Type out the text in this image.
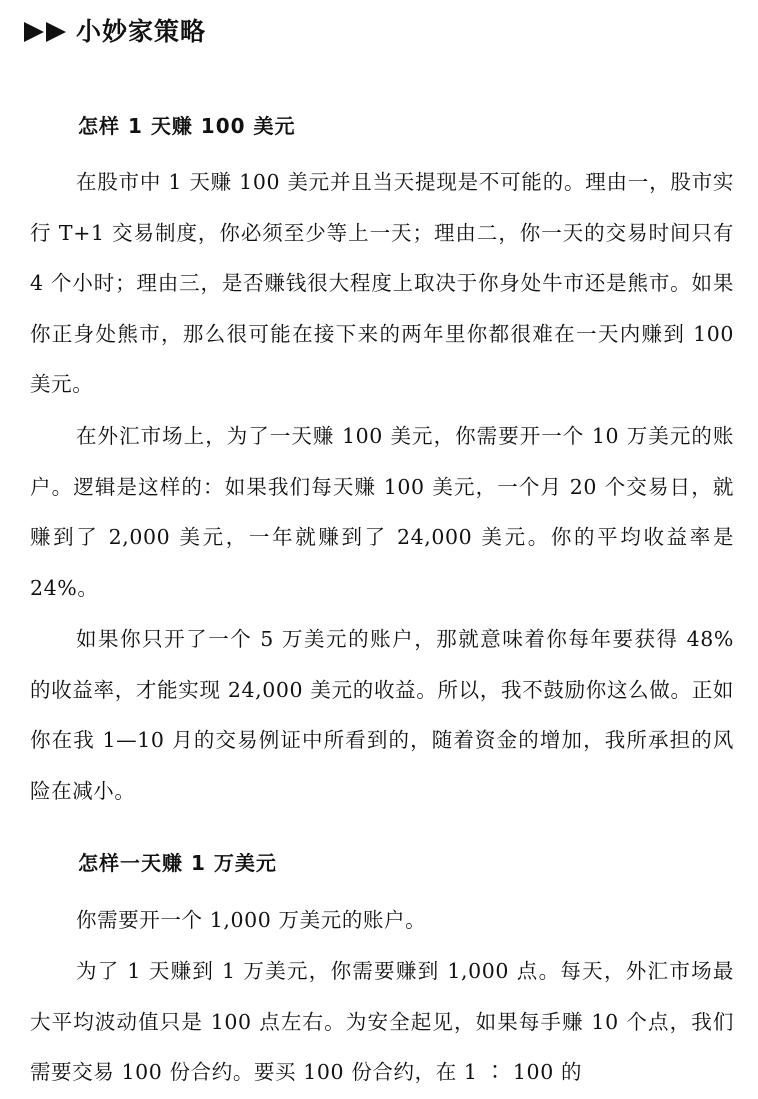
小妙家策略
怎样 1 天赚 100 美元

在股市中 1 天赚 100 美元并且当天提现是不可能的。理由一，股市实行 T+1 交易制度，你必须至少等上一天；理由二，你一天的交易时间只有 4 个小时；理由三，是否赚钱很大程度上取决于你身处牛市还是熊市。如果你正身处熊市，那么很可能在接下来的两年里你都很难在一天内赚到 100 美元。

在外汇市场上，为了一天赚 100 美元，你需要开一个 10 万美元的账户。逻辑是这样的：如果我们每天赚 100 美元，一个月 20 个交易日，就赚到了 2,000 美元，一年就赚到了 24,000 美元。你的平均收益率是 24%。

如果你只开了一个 5 万美元的账户，那就意味着你每年要获得 48% 的收益率，才能实现 24,000 美元的收益。所以，我不鼓励你这么做。正如你在我 1—10 月的交易例证中所看到的，随着资金的增加，我所承担的风险在减小。

怎样一天赚 1 万美元

你需要开一个 1,000 万美元的账户。

为了 1 天赚到 1 万美元，你需要赚到 1,000 点。每天，外汇市场最大平均波动值只是 100 点左右。为安全起见，如果每手赚 10 个点，我们需要交易 100 份合约。要买 100 份合约，在 1 ∶ 100 的
